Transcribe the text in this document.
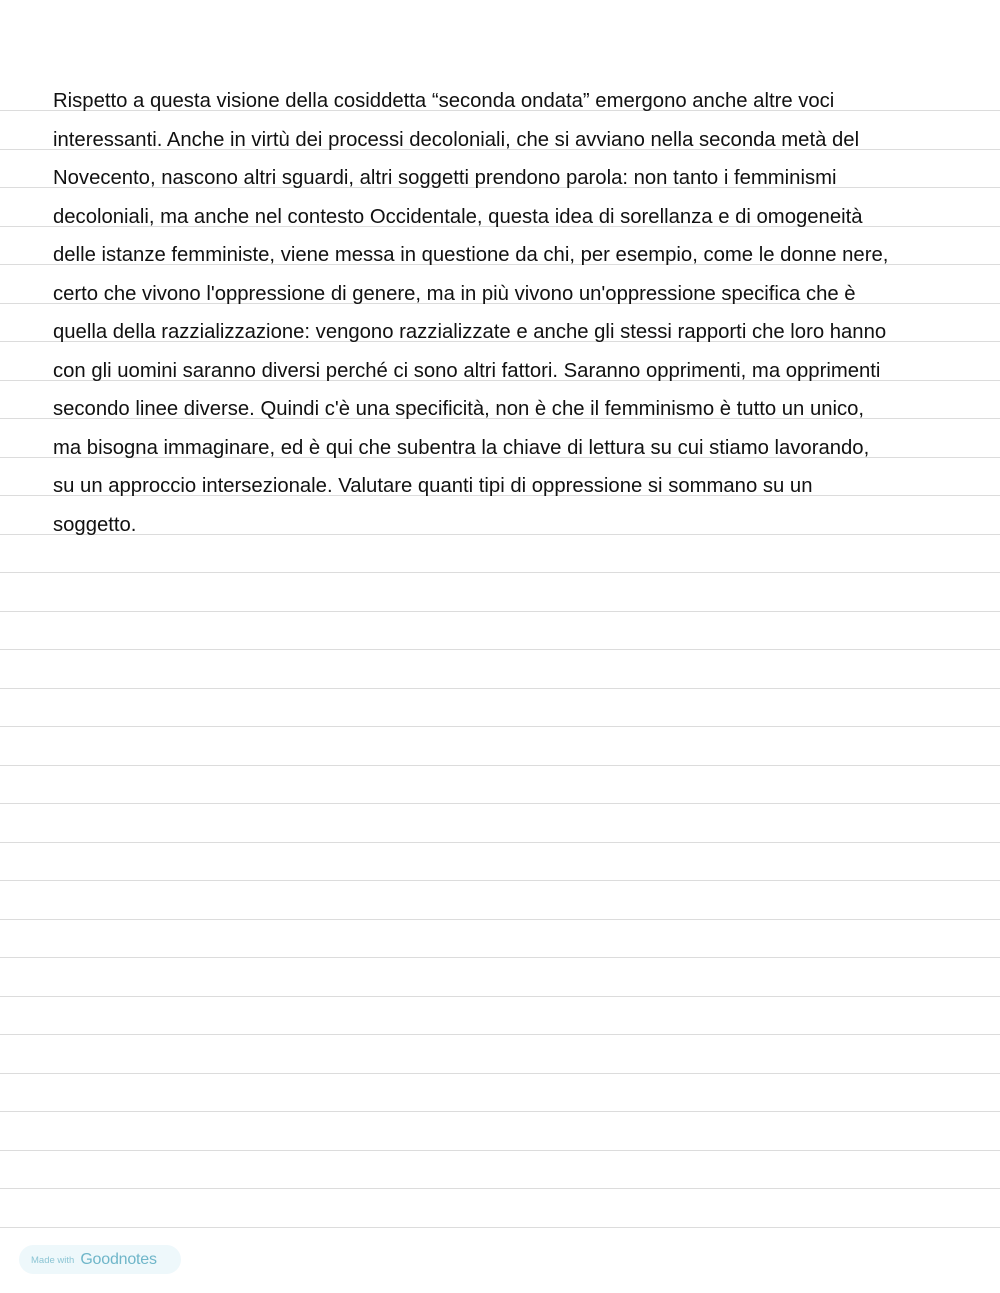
Rispetto a questa visione della cosiddetta “seconda ondata” emergono anche altre voci
interessanti. Anche in virtù dei processi decoloniali, che si avviano nella seconda metà del
Novecento, nascono altri sguardi, altri soggetti prendono parola: non tanto i femminismi
decoloniali, ma anche nel contesto Occidentale, questa idea di sorellanza e di omogeneità
delle istanze femministe, viene messa in questione da chi, per esempio, come le donne nere,
certo che vivono l'oppressione di genere, ma in più vivono un'oppressione specifica che è
quella della razzializzazione: vengono razzializzate e anche gli stessi rapporti che loro hanno
con gli uomini saranno diversi perché ci sono altri fattori. Saranno opprimenti, ma opprimenti
secondo linee diverse. Quindi c'è una specificità, non è che il femminismo è tutto un unico,
ma bisogna immaginare, ed è qui che subentra la chiave di lettura su cui stiamo lavorando,
su un approccio intersezionale. Valutare quanti tipi di oppressione si sommano su un
soggetto.
Made with Goodnotes
